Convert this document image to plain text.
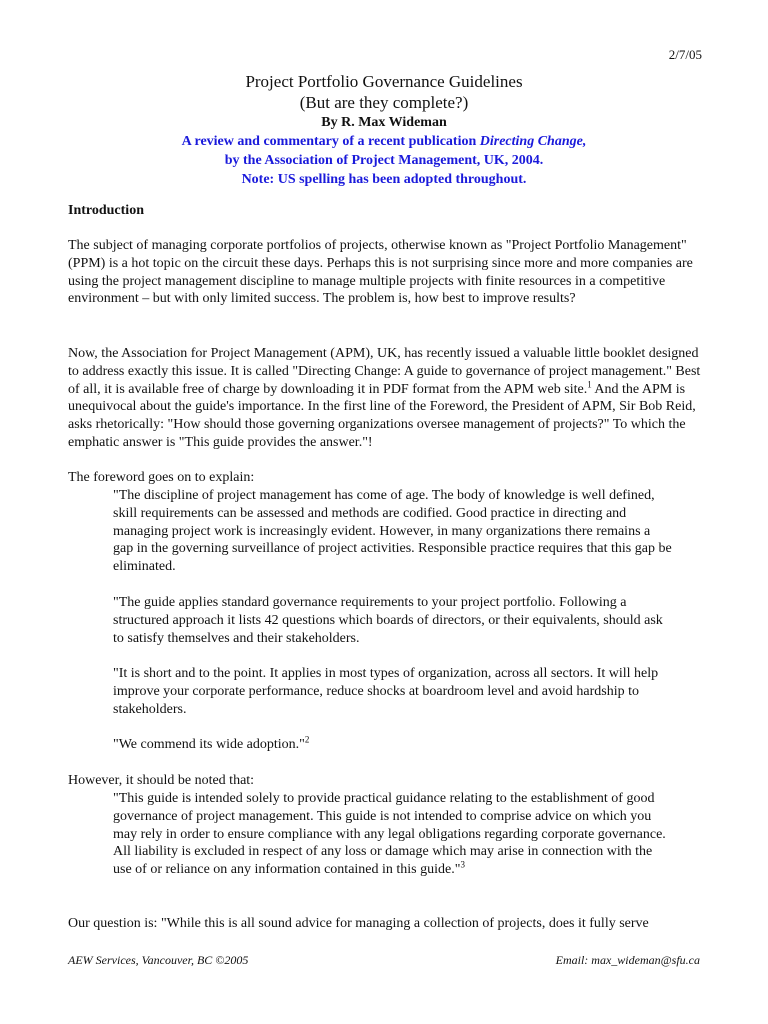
2/7/05
Project Portfolio Governance Guidelines
(But are they complete?)
By R. Max Wideman
A review and commentary of a recent publication Directing Change,
by the Association of Project Management, UK, 2004.
Note: US spelling has been adopted throughout.
Introduction
The subject of managing corporate portfolios of projects, otherwise known as "Project Portfolio Management" (PPM) is a hot topic on the circuit these days. Perhaps this is not surprising since more and more companies are using the project management discipline to manage multiple projects with finite resources in a competitive environment – but with only limited success. The problem is, how best to improve results?
Now, the Association for Project Management (APM), UK, has recently issued a valuable little booklet designed to address exactly this issue. It is called "Directing Change: A guide to governance of project management." Best of all, it is available free of charge by downloading it in PDF format from the APM web site.$^1$ And the APM is unequivocal about the guide's importance. In the first line of the Foreword, the President of APM, Sir Bob Reid, asks rhetorically: "How should those governing organizations oversee management of projects?" To which the emphatic answer is "This guide provides the answer."!
The foreword goes on to explain:
"The discipline of project management has come of age. The body of knowledge is well defined, skill requirements can be assessed and methods are codified. Good practice in directing and managing project work is increasingly evident. However, in many organizations there remains a gap in the governing surveillance of project activities. Responsible practice requires that this gap be eliminated.
"The guide applies standard governance requirements to your project portfolio. Following a structured approach it lists 42 questions which boards of directors, or their equivalents, should ask to satisfy themselves and their stakeholders.
"It is short and to the point. It applies in most types of organization, across all sectors. It will help improve your corporate performance, reduce shocks at boardroom level and avoid hardship to stakeholders.
"We commend its wide adoption."$^2$
However, it should be noted that:
"This guide is intended solely to provide practical guidance relating to the establishment of good governance of project management. This guide is not intended to comprise advice on which you may rely in order to ensure compliance with any legal obligations regarding corporate governance. All liability is excluded in respect of any loss or damage which may arise in connection with the use of or reliance on any information contained in this guide."$^3$
Our question is: "While this is all sound advice for managing a collection of projects, does it fully serve
AEW Services, Vancouver, BC ©2005	Email: max_wideman@sfu.ca
